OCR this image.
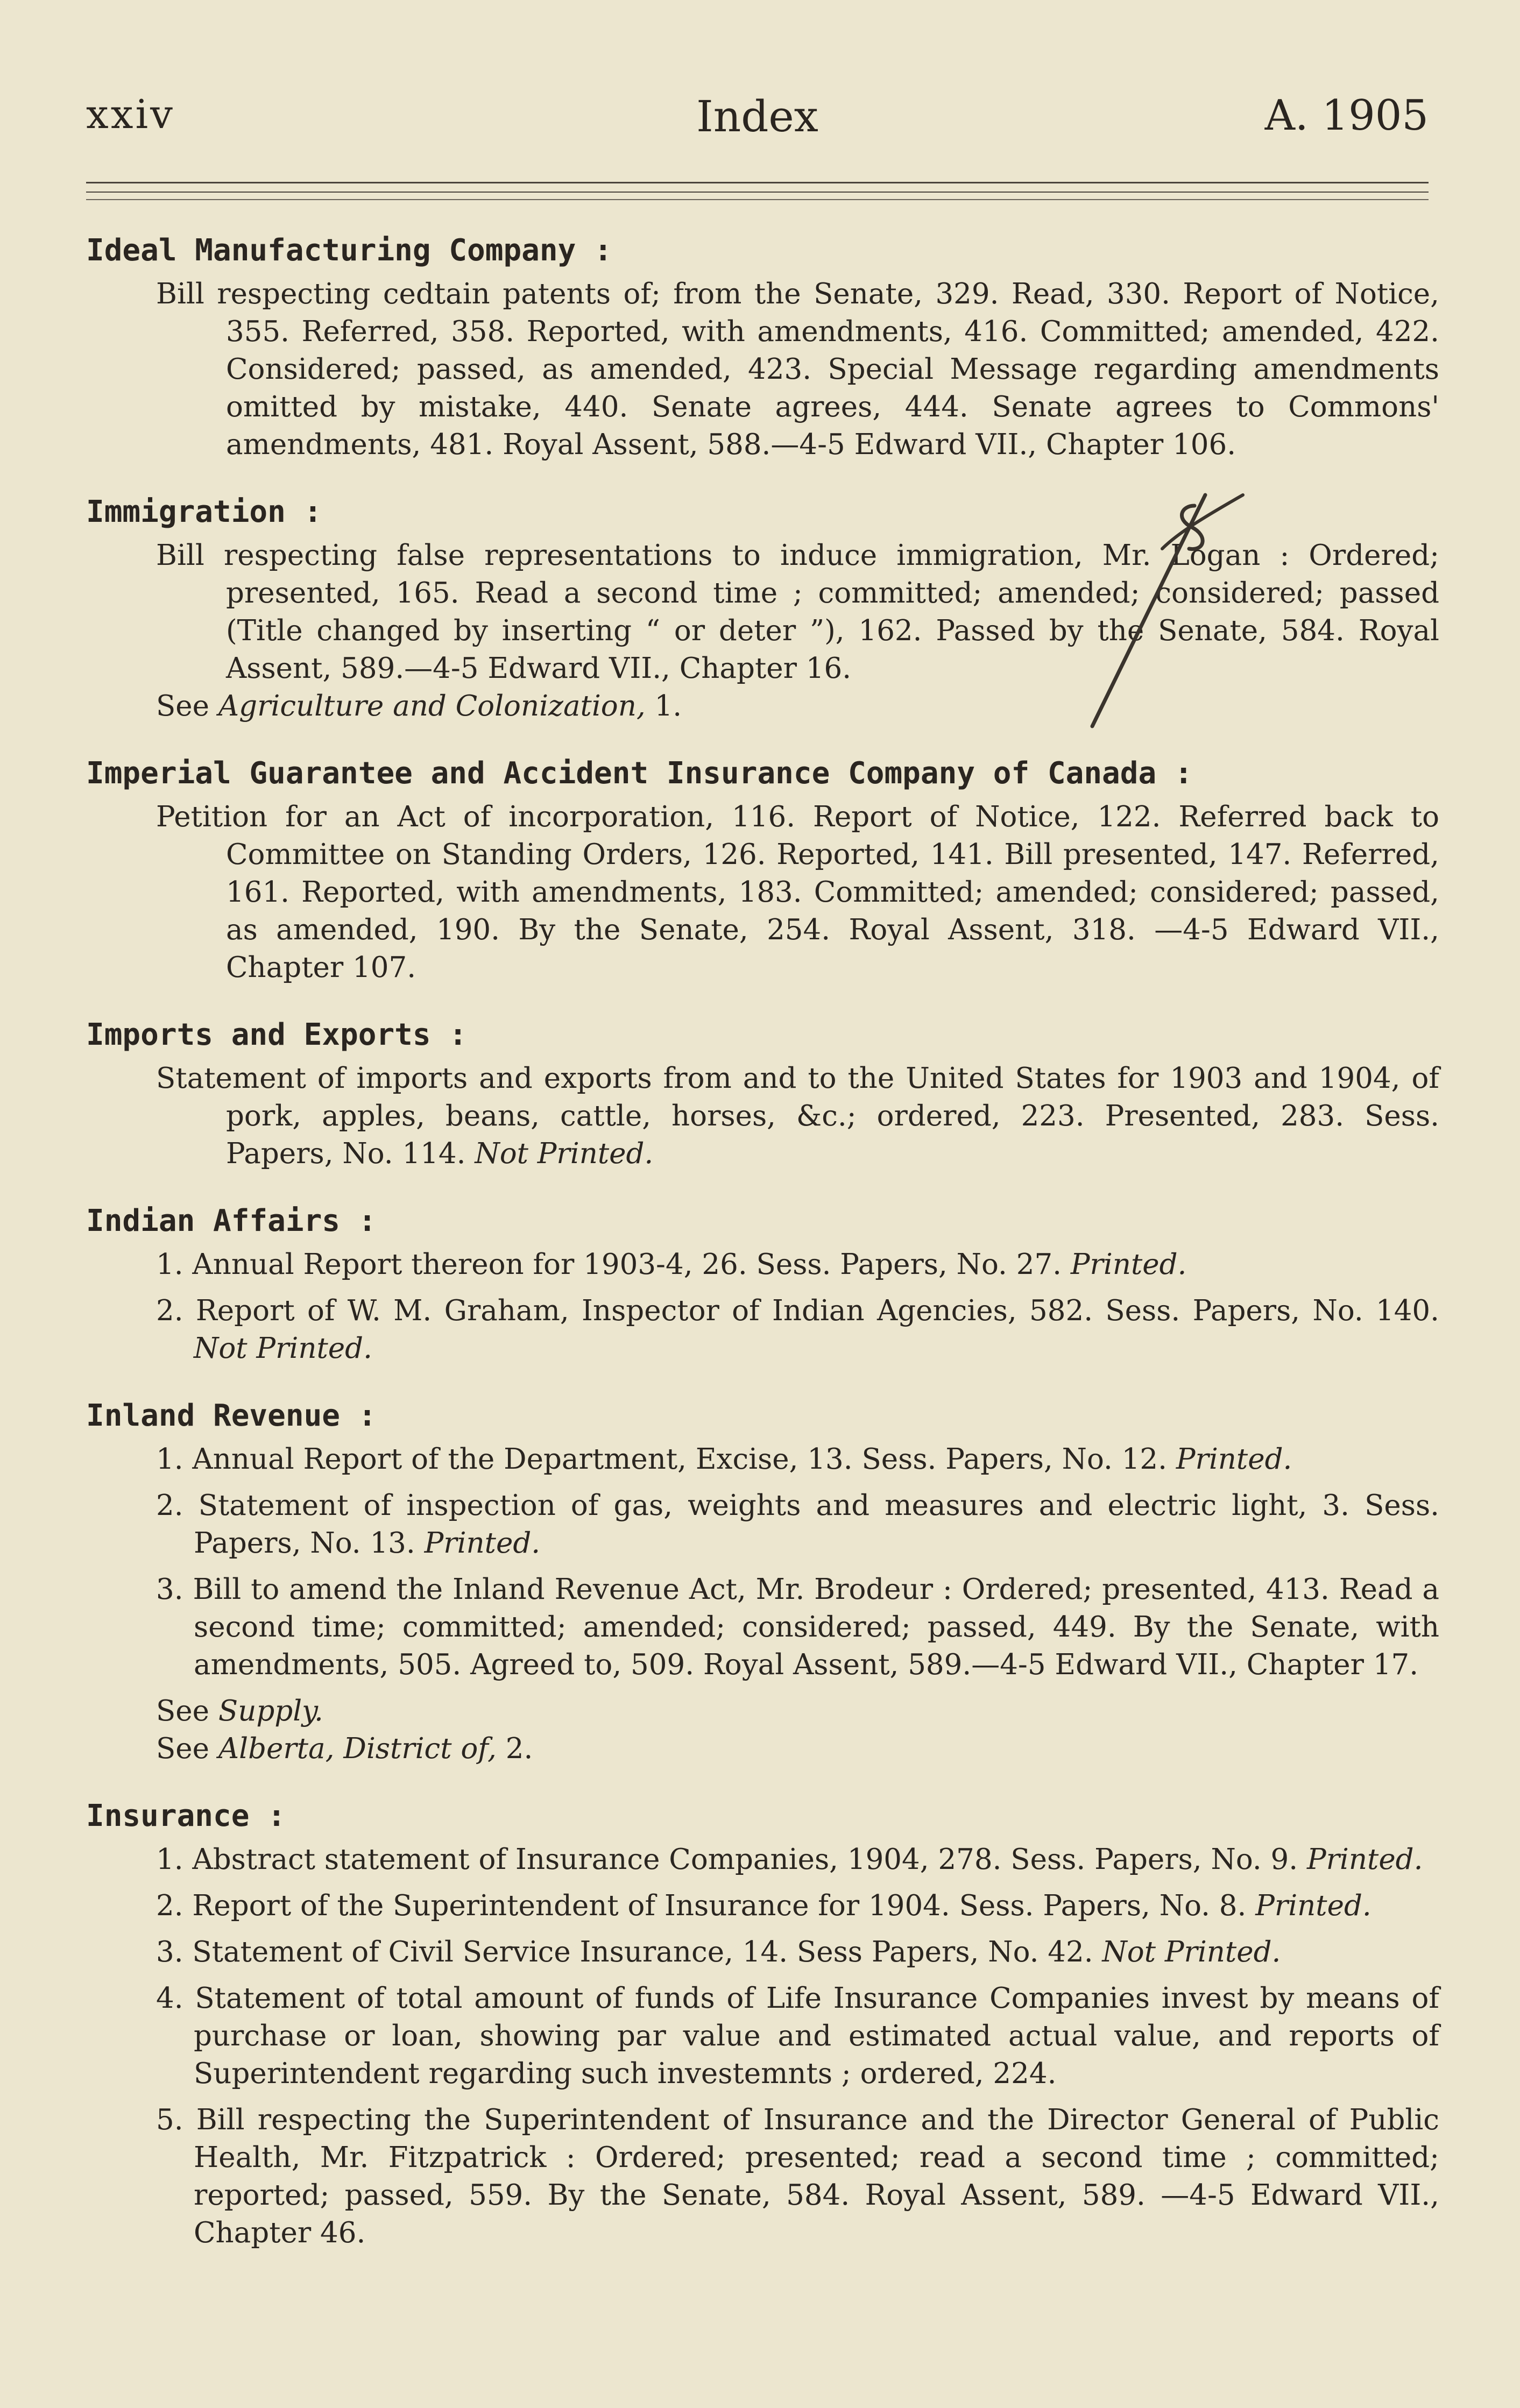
xxiv	Index	A. 1905
Ideal Manufacturing Company :
Bill respecting cedtain patents of; from the Senate, 329. Read, 330. Report of Notice, 355. Referred, 358. Reported, with amendments, 416. Committed; amended, 422. Considered; passed, as amended, 423. Special Message regarding amendments omitted by mistake, 440. Senate agrees, 444. Senate agrees to Commons' amendments, 481. Royal Assent, 588.—4-5 Edward VII., Chapter 106.
Immigration :
Bill respecting false representations to induce immigration, Mr. Logan : Ordered; presented, 165. Read a second time ; committed; amended; considered; passed (Title changed by inserting “ or deter ”), 162. Passed by the Senate, 584. Royal Assent, 589.—4-5 Edward VII., Chapter 16.
See Agriculture and Colonization, 1.
Imperial Guarantee and Accident Insurance Company of Canada :
Petition for an Act of incorporation, 116. Report of Notice, 122. Referred back to Committee on Standing Orders, 126. Reported, 141. Bill presented, 147. Referred, 161. Reported, with amendments, 183. Committed; amended; considered; passed, as amended, 190. By the Senate, 254. Royal Assent, 318. —4-5 Edward VII., Chapter 107.
Imports and Exports :
Statement of imports and exports from and to the United States for 1903 and 1904, of pork, apples, beans, cattle, horses, &c.; ordered, 223. Presented, 283. Sess. Papers, No. 114. Not Printed.
Indian Affairs :
1. Annual Report thereon for 1903-4, 26. Sess. Papers, No. 27. Printed.
2. Report of W. M. Graham, Inspector of Indian Agencies, 582. Sess. Papers, No. 140. Not Printed.
Inland Revenue :
1. Annual Report of the Department, Excise, 13. Sess. Papers, No. 12. Printed.
2. Statement of inspection of gas, weights and measures and electric light, 3. Sess. Papers, No. 13. Printed.
3. Bill to amend the Inland Revenue Act, Mr. Brodeur : Ordered; presented, 413. Read a second time; committed; amended; considered; passed, 449. By the Senate, with amendments, 505. Agreed to, 509. Royal Assent, 589.—4-5 Edward VII., Chapter 17.
See Supply.
See Alberta, District of, 2.
Insurance :
1. Abstract statement of Insurance Companies, 1904, 278. Sess. Papers, No. 9. Printed.
2. Report of the Superintendent of Insurance for 1904. Sess. Papers, No. 8. Printed.
3. Statement of Civil Service Insurance, 14. Sess Papers, No. 42. Not Printed.
4. Statement of total amount of funds of Life Insurance Companies invest by means of purchase or loan, showing par value and estimated actual value, and reports of Superintendent regarding such investemnts ; ordered, 224.
5. Bill respecting the Superintendent of Insurance and the Director General of Public Health, Mr. Fitzpatrick : Ordered; presented; read a second time ; committed; reported; passed, 559. By the Senate, 584. Royal Assent, 589. —4-5 Edward VII., Chapter 46.
